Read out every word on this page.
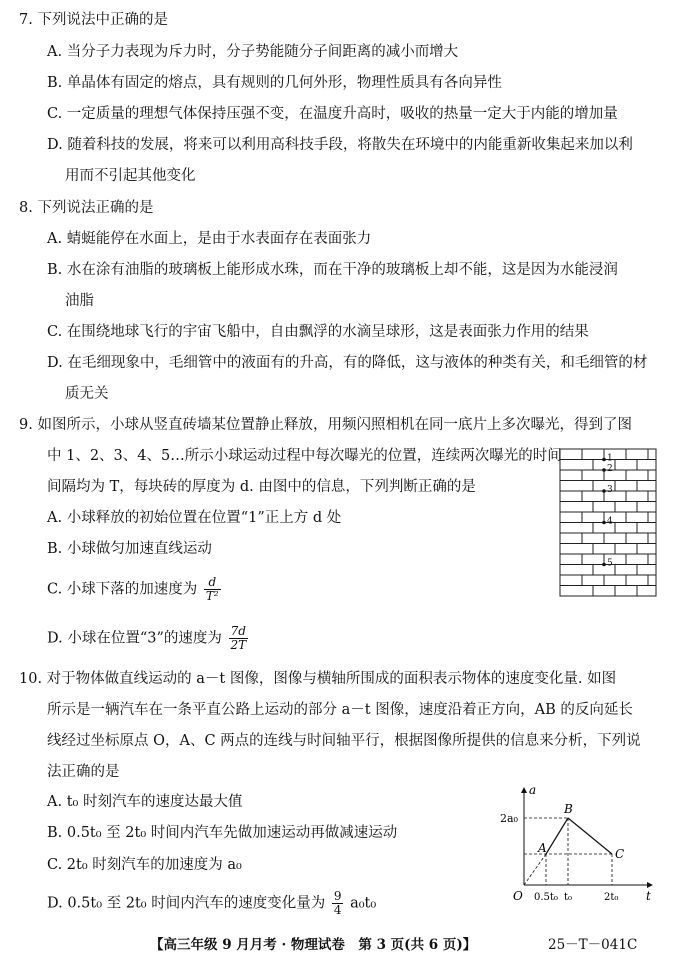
7. 下列说法中正确的是
A. 当分子力表现为斥力时，分子势能随分子间距离的减小而增大
B. 单晶体有固定的熔点，具有规则的几何外形，物理性质具有各向异性
C. 一定质量的理想气体保持压强不变，在温度升高时，吸收的热量一定大于内能的增加量
D. 随着科技的发展，将来可以利用高科技手段，将散失在环境中的内能重新收集起来加以利
用而不引起其他变化
8. 下列说法正确的是
A. 蜻蜓能停在水面上，是由于水表面存在表面张力
B. 水在涂有油脂的玻璃板上能形成水珠，而在干净的玻璃板上却不能，这是因为水能浸润
油脂
C. 在围绕地球飞行的宇宙飞船中，自由飘浮的水滴呈球形，这是表面张力作用的结果
D. 在毛细现象中，毛细管中的液面有的升高，有的降低，这与液体的种类有关，和毛细管的材
质无关
9. 如图所示，小球从竖直砖墙某位置静止释放，用频闪照相机在同一底片上多次曝光，得到了图
中 1、2、3、4、5…所示小球运动过程中每次曝光的位置，连续两次曝光的时间
间隔均为 T，每块砖的厚度为 d. 由图中的信息，下列判断正确的是
A. 小球释放的初始位置在位置“1”正上方 d 处
B. 小球做匀加速直线运动
C. 小球下落的加速度为 $\frac{d}{\text{T²}}$
D. 小球在位置“3”的速度为 $\frac{7d}{2T}$
1
2
3
4
5
10. 对于物体做直线运动的 a－t 图像，图像与横轴所围成的面积表示物体的速度变化量. 如图
所示是一辆汽车在一条平直公路上运动的部分 a－t 图像，速度沿着正方向，AB 的反向延长
线经过坐标原点 O，A、C 两点的连线与时间轴平行，根据图像所提供的信息来分析，下列说
法正确的是
A. t₀ 时刻汽车的速度达最大值
B. 0.5t₀ 至 2t₀ 时间内汽车先做加速运动再做减速运动
C. 2t₀ 时刻汽车的加速度为 a₀
D. 0.5t₀ 至 2t₀ 时间内汽车的速度变化量为 $\frac{9}{4} a_0t_0$
a
t
O
2a₀
0.5t₀ t₀	2t₀
A
B
C
【高三年级 9 月月考 · 物理试卷　第 3 页(共 6 页)】	25－T－041C
